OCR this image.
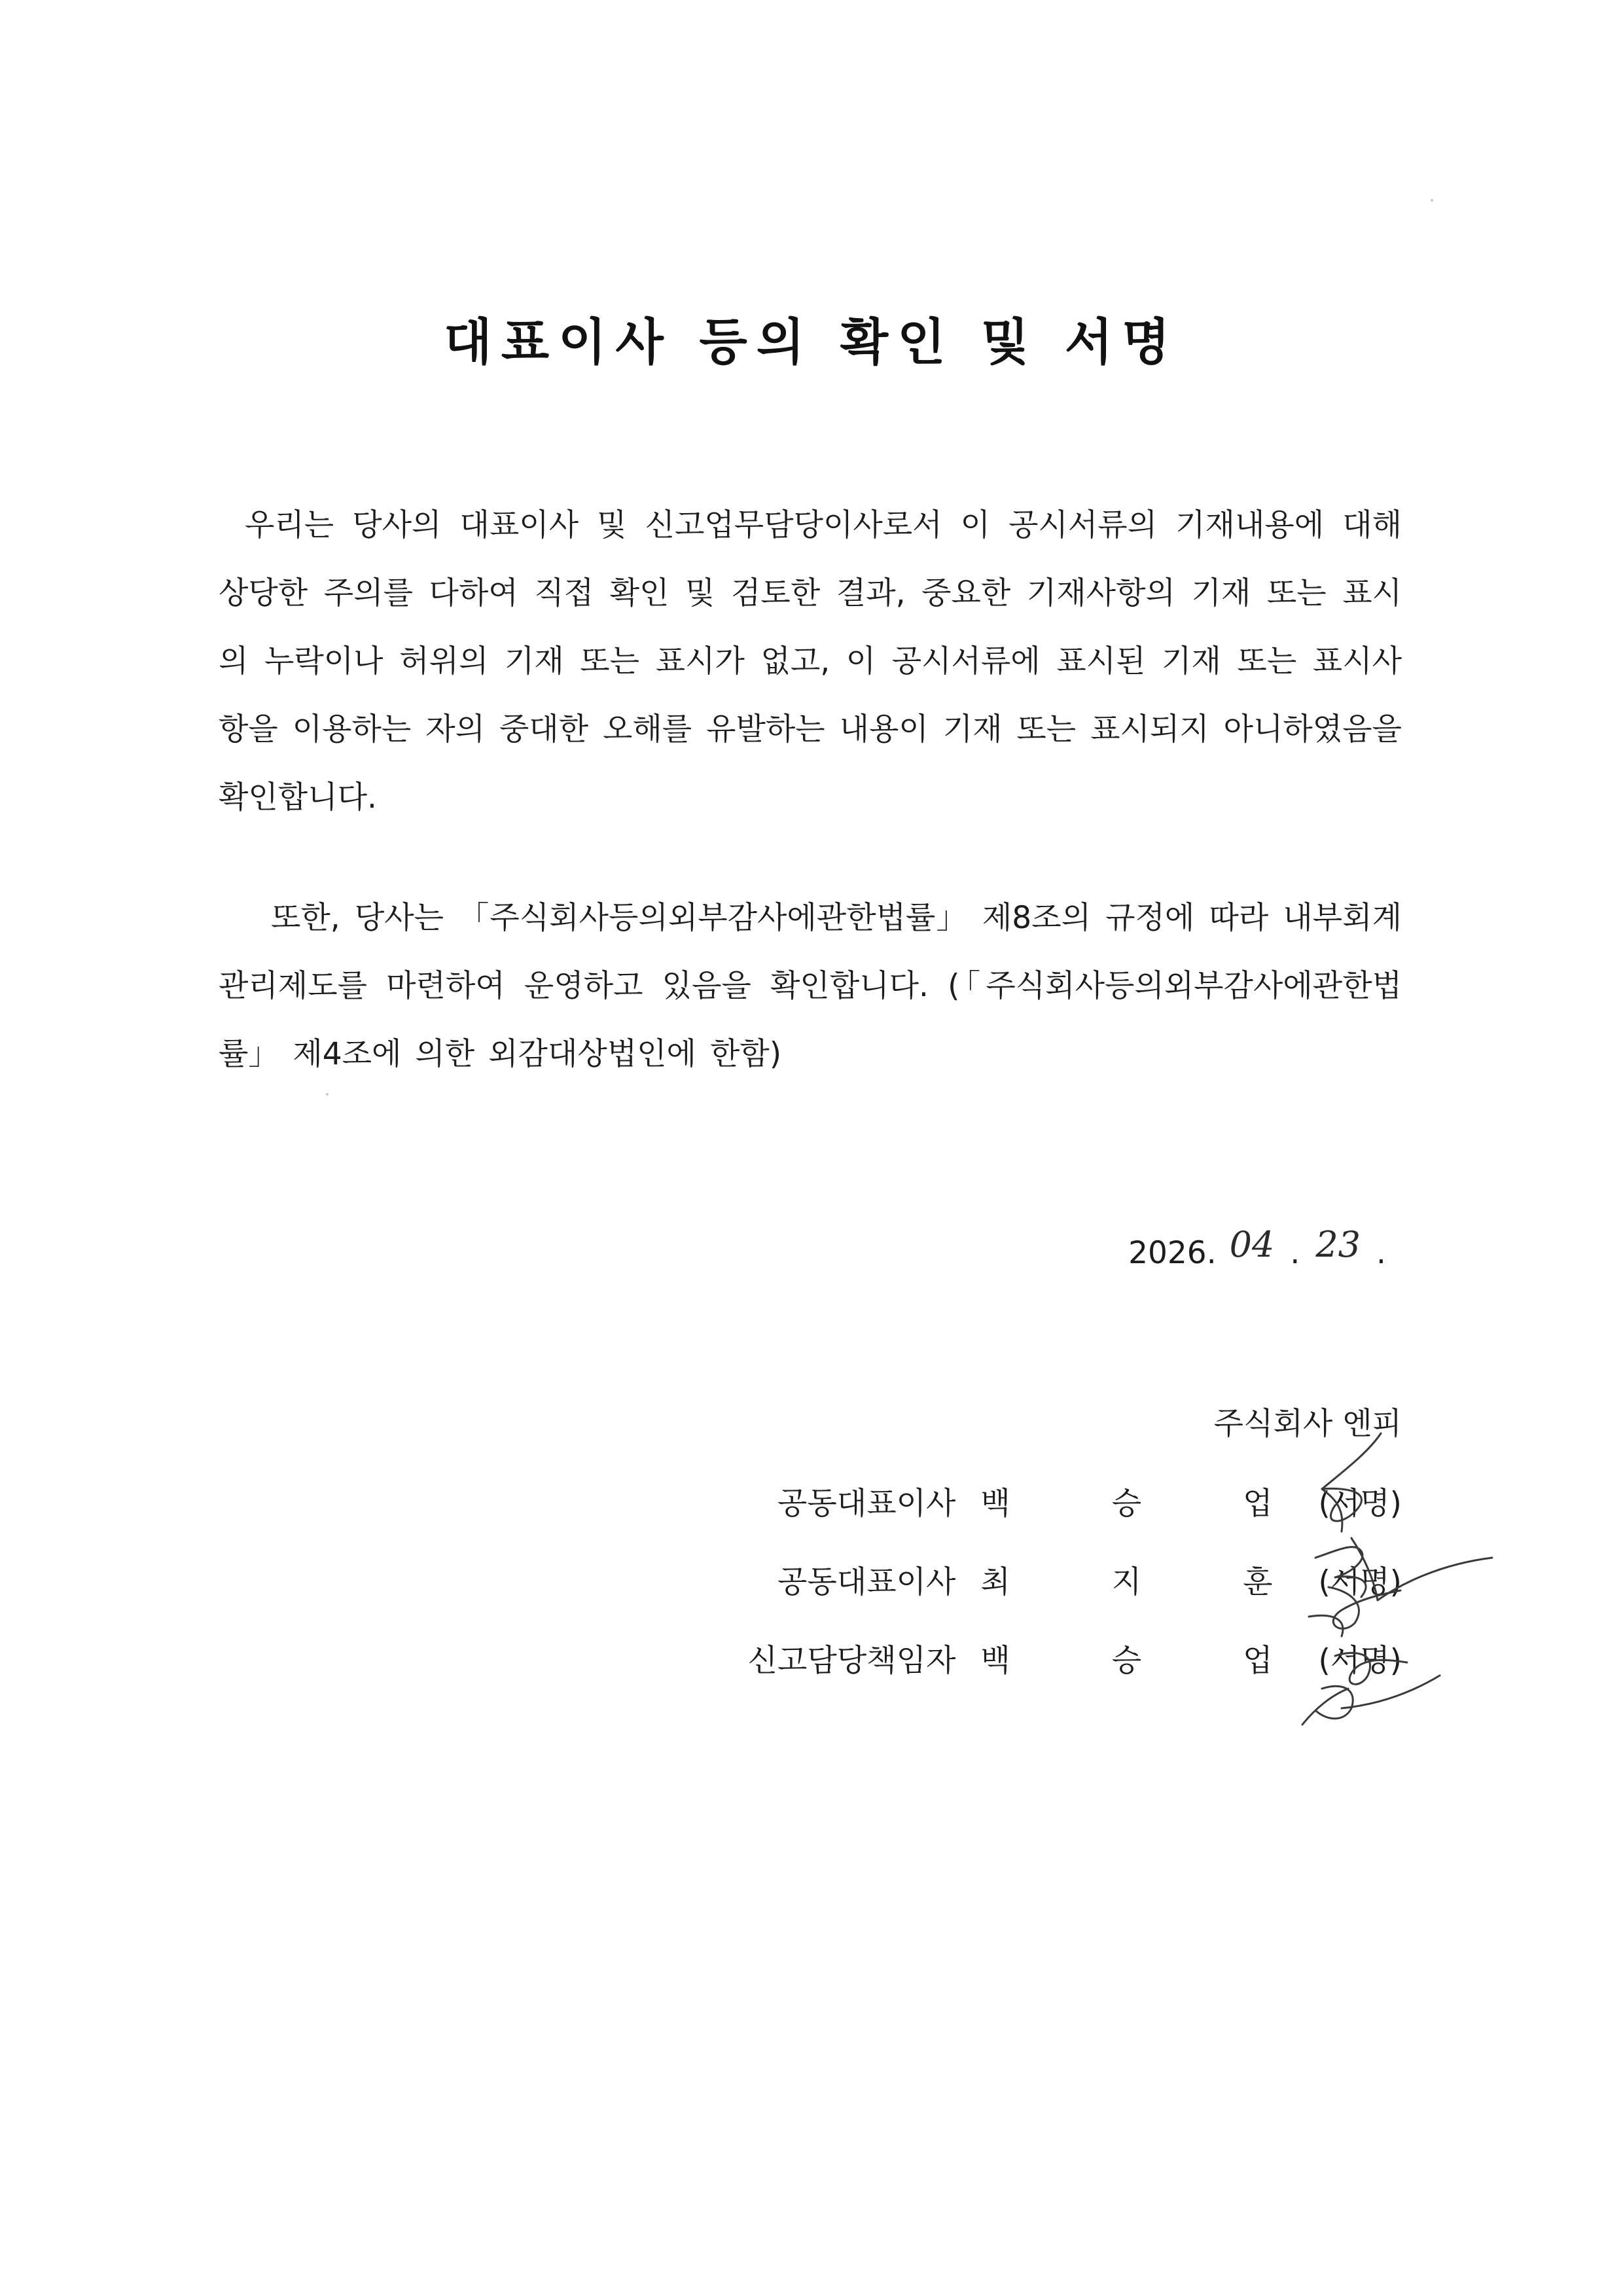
대표이사 등의 확인 및 서명
우리는 당사의 대표이사 및 신고업무담당이사로서 이 공시서류의 기재내용에 대해 상당한 주의를 다하여 직접 확인 및 검토한 결과, 중요한 기재사항의 기재 또는 표시의 누락이나 허위의 기재 또는 표시가 없고, 이 공시서류에 표시된 기재 또는 표시사항을 이용하는 자의 중대한 오해를 유발하는 내용이 기재 또는 표시되지 아니하였음을 확인합니다.
또한, 당사는 「주식회사등의외부감사에관한법률」 제8조의 규정에 따라 내부회계관리제도를 마련하여 운영하고 있음을 확인합니다. (「주식회사등의외부감사에관한법률」 제4조에 의한 외감대상법인에 한함)
2026. 04 . 23 .
주식회사 엔피
공동대표이사 백 승 업 (서명)
공동대표이사 최 지 훈 (서명)
신고담당책임자 백 승 업 (서명)
